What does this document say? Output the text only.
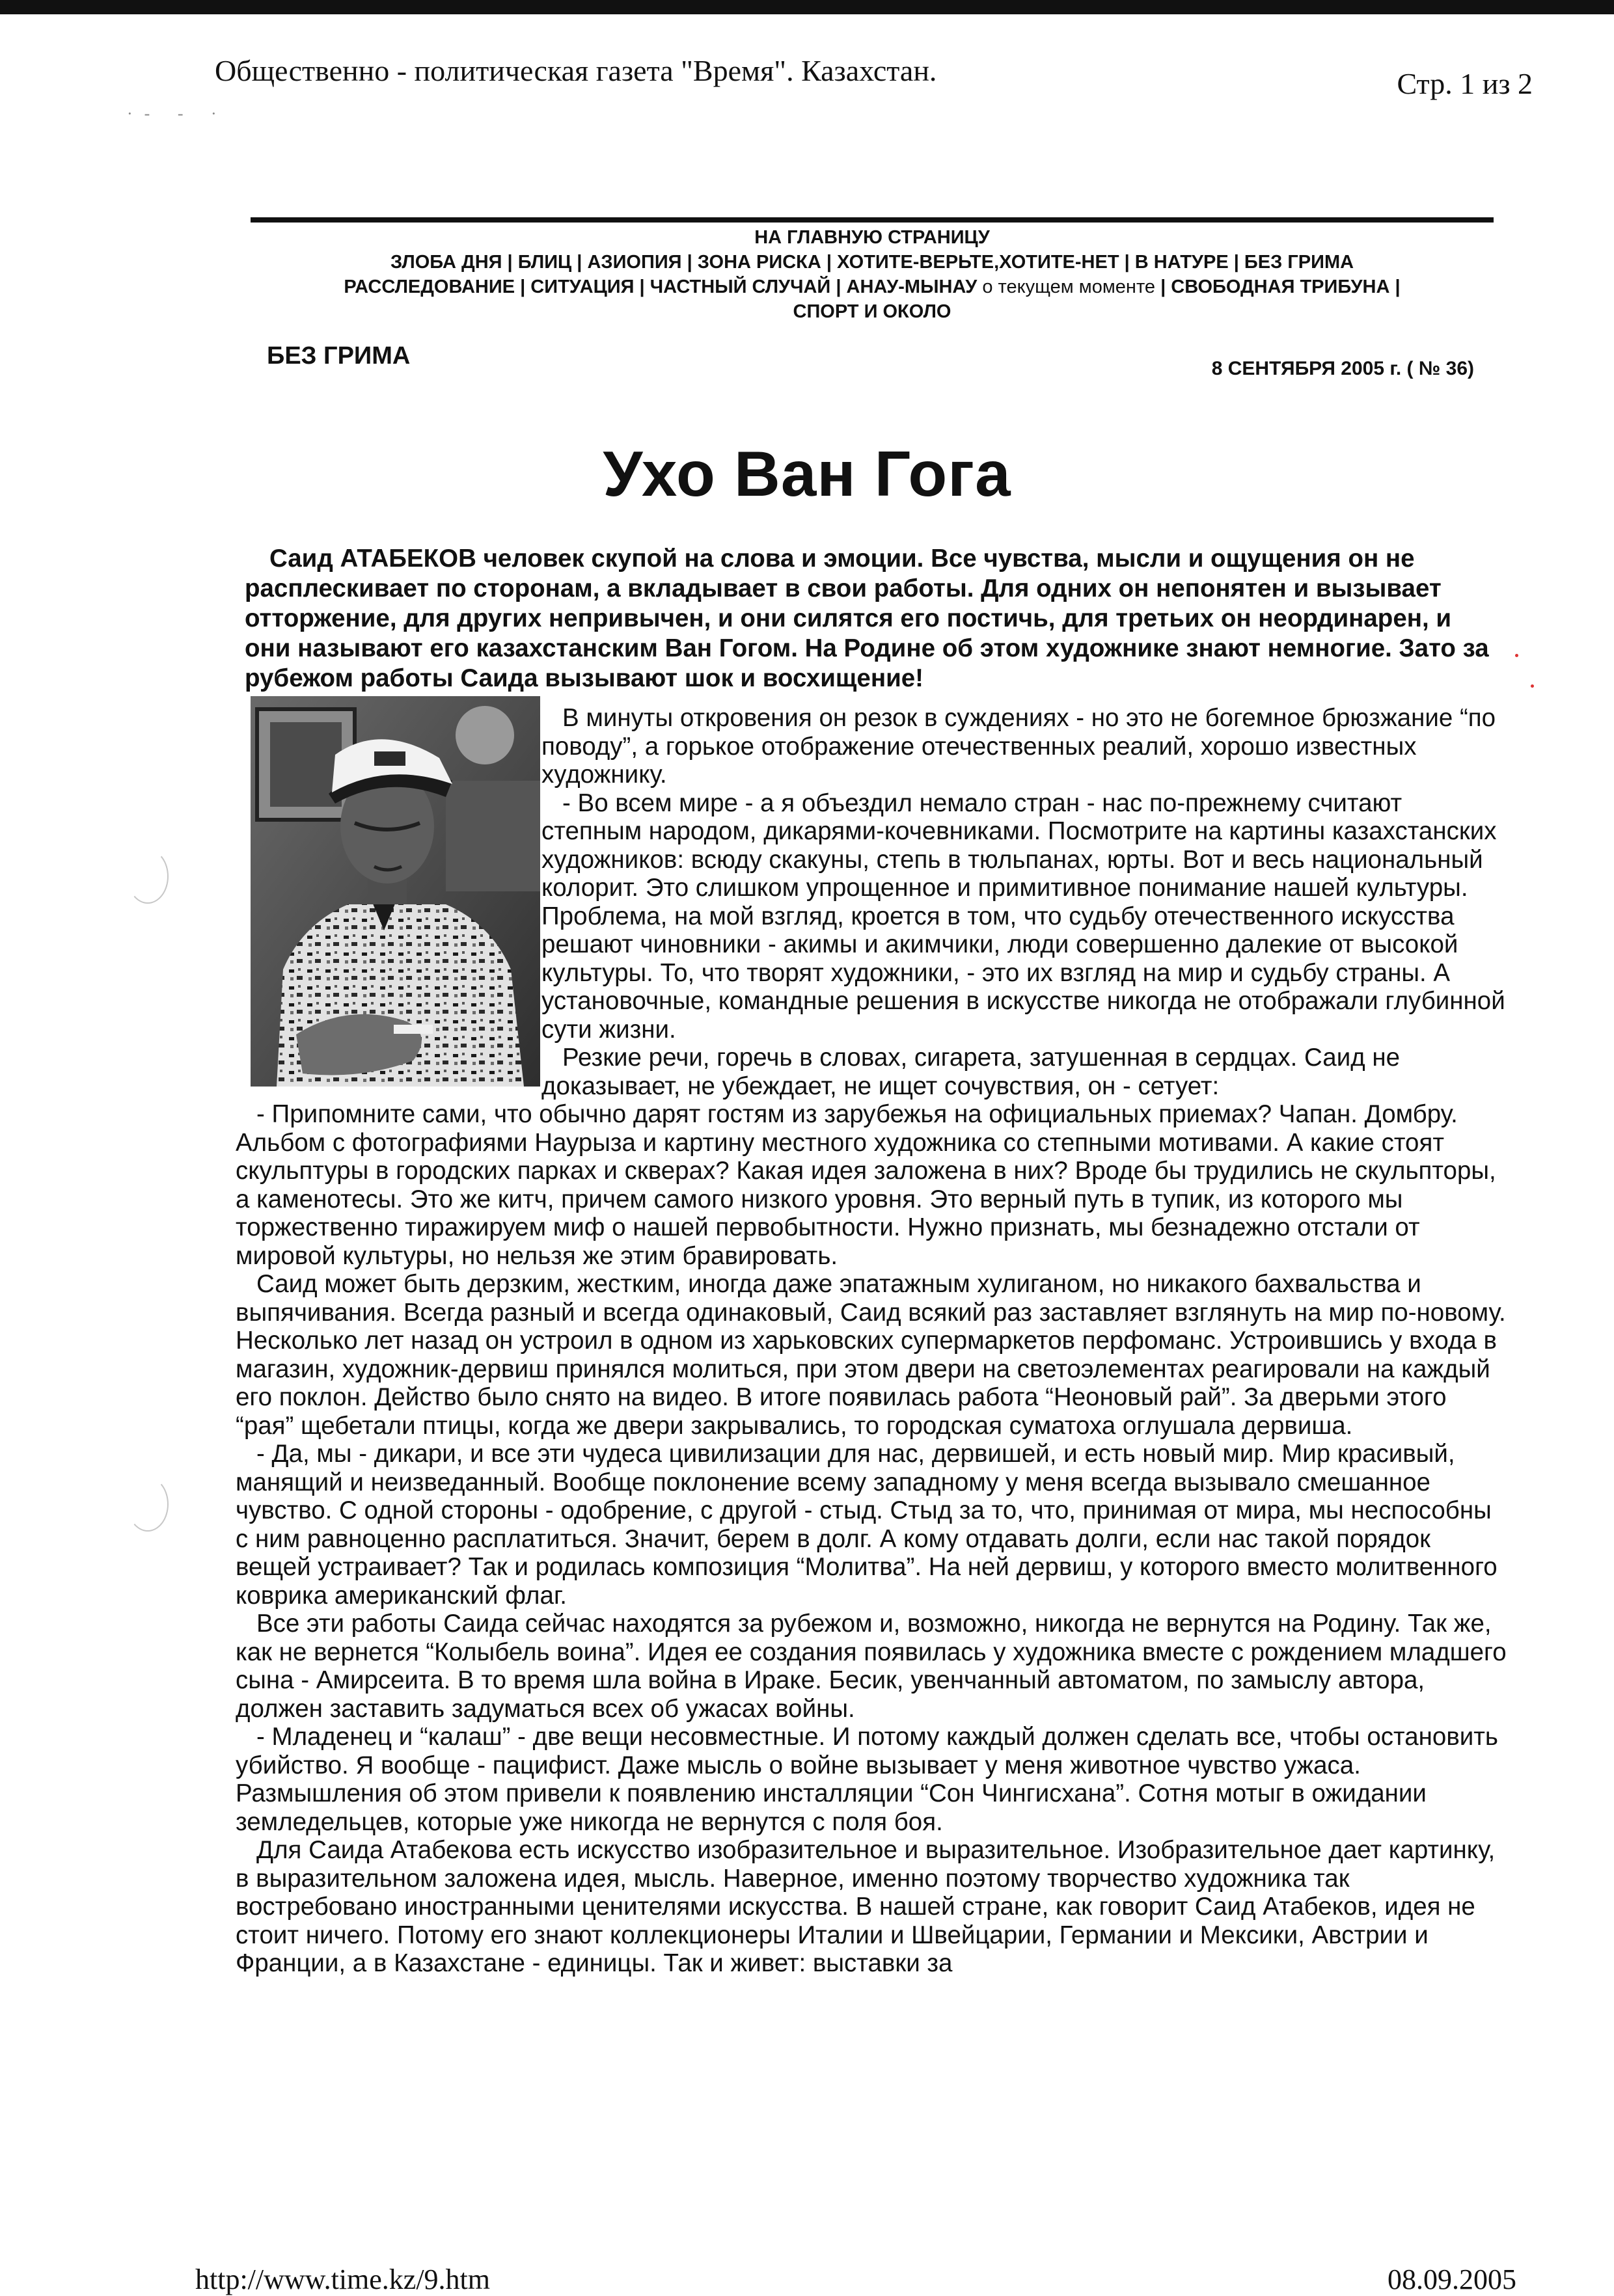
Общественно - политическая газета "Время". Казахстан.	Стр. 1 из 2
·‑ ‑ ·
НА ГЛАВНУЮ СТРАНИЦУ
ЗЛОБА ДНЯ | БЛИЦ | АЗИОПИЯ | ЗОНА РИСКА | ХОТИТЕ-ВЕРЬТЕ,ХОТИТЕ-НЕТ | В НАТУРЕ | БЕЗ ГРИМА
РАССЛЕДОВАНИЕ | СИТУАЦИЯ | ЧАСТНЫЙ СЛУЧАЙ | АНАУ-МЫНАУ о текущем моменте | СВОБОДНАЯ ТРИБУНА |
СПОРТ И ОКОЛО
БЕЗ ГРИМА	8 СЕНТЯБРЯ 2005 г. ( № 36)
Ухо Ван Гога

Саид АТАБЕКОВ человек скупой на слова и эмоции. Все чувства, мысли и ощущения он не расплескивает по сторонам, а вкладывает в свои работы. Для одних он непонятен и вызывает отторжение, для других непривычен, и они силятся его постичь, для третьих он неординарен, и они называют его казахстанским Ван Гогом. На Родине об этом художнике знают немногие. Зато за рубежом работы Саида вызывают шок и восхищение!

В минуты откровения он резок в суждениях - но это не богемное брюзжание “по поводу”, а горькое отображение отечественных реалий, хорошо известных художнику.

- Во всем мире - а я объездил немало стран - нас по-прежнему считают степным народом, дикарями-кочевниками. Посмотрите на картины казахстанских художников: всюду скакуны, степь в тюльпанах, юрты. Вот и весь национальный колорит. Это слишком упрощенное и примитивное понимание нашей культуры. Проблема, на мой взгляд, кроется в том, что судьбу отечественного искусства решают чиновники - акимы и акимчики, люди совершенно далекие от высокой культуры. То, что творят художники, - это их взгляд на мир и судьбу страны. А установочные, командные решения в искусстве никогда не отображали глубинной сути жизни.

Резкие речи, горечь в словах, сигарета, затушенная в сердцах. Саид не доказывает, не убеждает, не ищет сочувствия, он - сетует:

- Припомните сами, что обычно дарят гостям из зарубежья на официальных приемах? Чапан. Домбру. Альбом с фотографиями Наурыза и картину местного художника со степными мотивами. А какие стоят скульптуры в городских парках и скверах? Какая идея заложена в них? Вроде бы трудились не скульпторы, а каменотесы. Это же китч, причем самого низкого уровня. Это верный путь в тупик, из которого мы торжественно тиражируем миф о нашей первобытности. Нужно признать, мы безнадежно отстали от мировой культуры, но нельзя же этим бравировать.

Саид может быть дерзким, жестким, иногда даже эпатажным хулиганом, но никакого бахвальства и выпячивания. Всегда разный и всегда одинаковый, Саид всякий раз заставляет взглянуть на мир по-новому. Несколько лет назад он устроил в одном из харьковских супермаркетов перфоманс. Устроившись у входа в магазин, художник-дервиш принялся молиться, при этом двери на светоэлементах реагировали на каждый его поклон. Действо было снято на видео. В итоге появилась работа “Неоновый рай”. За дверьми этого “рая” щебетали птицы, когда же двери закрывались, то городская суматоха оглушала дервиша.

- Да, мы - дикари, и все эти чудеса цивилизации для нас, дервишей, и есть новый мир. Мир красивый, манящий и неизведанный. Вообще поклонение всему западному у меня всегда вызывало смешанное чувство. С одной стороны - одобрение, с другой - стыд. Стыд за то, что, принимая от мира, мы неспособны с ним равноценно расплатиться. Значит, берем в долг. А кому отдавать долги, если нас такой порядок вещей устраивает? Так и родилась композиция “Молитва”. На ней дервиш, у которого вместо молитвенного коврика американский флаг.

Все эти работы Саида сейчас находятся за рубежом и, возможно, никогда не вернутся на Родину. Так же, как не вернется “Колыбель воина”. Идея ее создания появилась у художника вместе с рождением младшего сына - Амирсеита. В то время шла война в Ираке. Бесик, увенчанный автоматом, по замыслу автора, должен заставить задуматься всех об ужасах войны.

- Младенец и “калаш” - две вещи несовместные. И потому каждый должен сделать все, чтобы остановить убийство. Я вообще - пацифист. Даже мысль о войне вызывает у меня животное чувство ужаса. Размышления об этом привели к появлению инсталляции “Сон Чингисхана”. Сотня мотыг в ожидании земледельцев, которые уже никогда не вернутся с поля боя.

Для Саида Атабекова есть искусство изобразительное и выразительное. Изобразительное дает картинку, в выразительном заложена идея, мысль. Наверное, именно поэтому творчество художника так востребовано иностранными ценителями искусства. В нашей стране, как говорит Саид Атабеков, идея не стоит ничего. Потому его знают коллекционеры Италии и Швейцарии, Германии и Мексики, Австрии и Франции, а в Казахстане - единицы. Так и живет: выставки за

http://www.time.kz/9.htm	08.09.2005
